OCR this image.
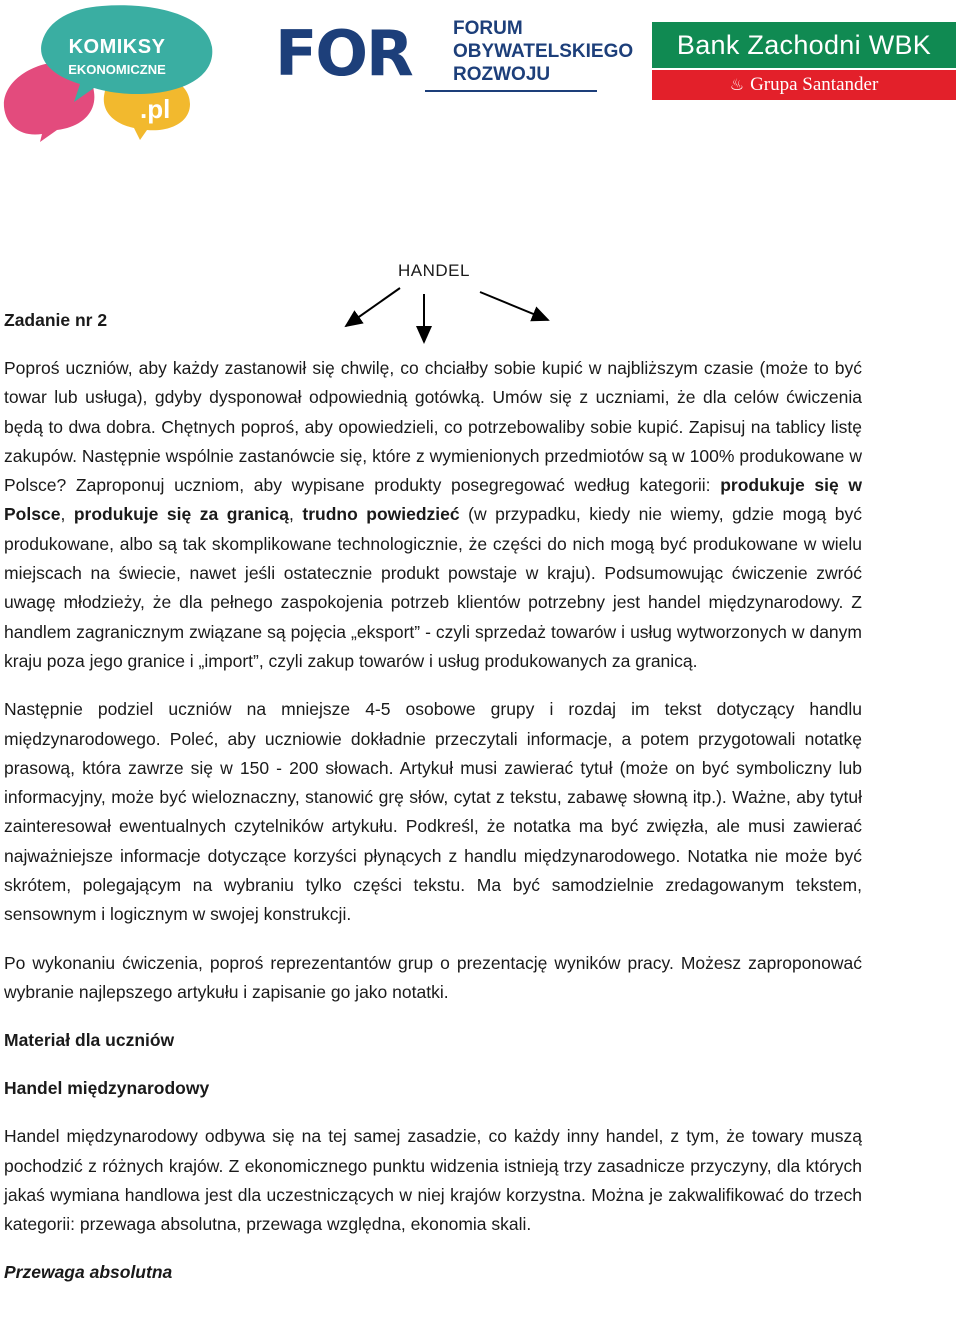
KOMIKSY
EKONOMICZNE
.pl
FOR FORUM
OBYWATELSKIEGO
ROZWOJU
Bank Zachodni WBK
♨ Grupa Santander
HANDEL
Zadanie nr 2

Poproś uczniów, aby każdy zastanowił się chwilę, co chciałby sobie kupić w najbliższym czasie (może to być towar lub usługa), gdyby dysponował odpowiednią gotówką. Umów się z uczniami, że dla celów ćwiczenia będą to dwa dobra. Chętnych poproś, aby opowiedzieli, co potrzebowaliby sobie kupić. Zapisuj na tablicy listę zakupów. Następnie wspólnie zastanówcie się, które z wymienionych przedmiotów są w 100% produkowane w Polsce? Zaproponuj uczniom, aby wypisane produkty posegregować według kategorii: produkuje się w Polsce, produkuje się za granicą, trudno powiedzieć (w przypadku, kiedy nie wiemy, gdzie mogą być produkowane, albo są tak skomplikowane technologicznie, że części do nich mogą być produkowane w wielu miejscach na świecie, nawet jeśli ostatecznie produkt powstaje w kraju). Podsumowując ćwiczenie zwróć uwagę młodzieży, że dla pełnego zaspokojenia potrzeb klientów potrzebny jest handel międzynarodowy. Z handlem zagranicznym związane są pojęcia „eksport” - czyli sprzedaż towarów i usług wytworzonych w danym kraju poza jego granice i „import”, czyli zakup towarów i usług produkowanych za granicą.

Następnie podziel uczniów na mniejsze 4-5 osobowe grupy i rozdaj im tekst dotyczący handlu międzynarodowego. Poleć, aby uczniowie dokładnie przeczytali informacje, a potem przygotowali notatkę prasową, która zawrze się w 150 - 200 słowach. Artykuł musi zawierać tytuł (może on być symboliczny lub informacyjny, może być wieloznaczny, stanowić grę słów, cytat z tekstu, zabawę słowną itp.). Ważne, aby tytuł zainteresował ewentualnych czytelników artykułu. Podkreśl, że notatka ma być zwięzła, ale musi zawierać najważniejsze informacje dotyczące korzyści płynących z handlu międzynarodowego. Notatka nie może być skrótem, polegającym na wybraniu tylko części tekstu. Ma być samodzielnie zredagowanym tekstem, sensownym i logicznym w swojej konstrukcji.

Po wykonaniu ćwiczenia, poproś reprezentantów grup o prezentację wyników pracy. Możesz zaproponować wybranie najlepszego artykułu i zapisanie go jako notatki.

Materiał dla uczniów
Handel międzynarodowy

Handel międzynarodowy odbywa się na tej samej zasadzie, co każdy inny handel, z tym, że towary muszą pochodzić z różnych krajów. Z ekonomicznego punktu widzenia istnieją trzy zasadnicze przyczyny, dla których jakaś wymiana handlowa jest dla uczestniczących w niej krajów korzystna. Można je zakwalifikować do trzech kategorii: przewaga absolutna, przewaga względna, ekonomia skali.

Przewaga absolutna
